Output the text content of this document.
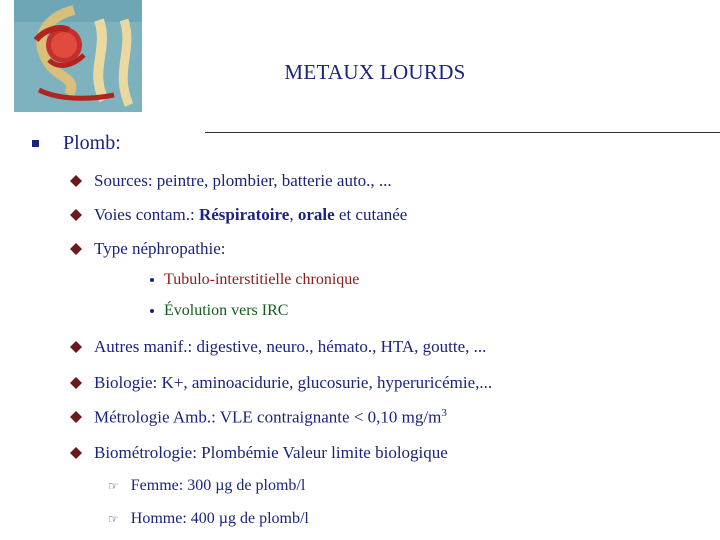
METAUX LOURDS
Plomb:
Sources: peintre, plombier, batterie auto., ...
Voies contam.: Réspiratoire, orale et cutanée
Type néphropathie:
Tubulo-interstitielle chronique
Évolution vers IRC
Autres manif.: digestive, neuro., hémato., HTA, goutte, ...
Biologie: K+, aminoacidurie, glucosurie, hyperuricémie,...
Métrologie Amb.: VLE contraignante < 0,10 $mg/m^3$
Biométrologie: Plombémie Valeur limite biologique
☞ Femme: 300 µg de plomb/l
☞ Homme: 400 µg de plomb/l
